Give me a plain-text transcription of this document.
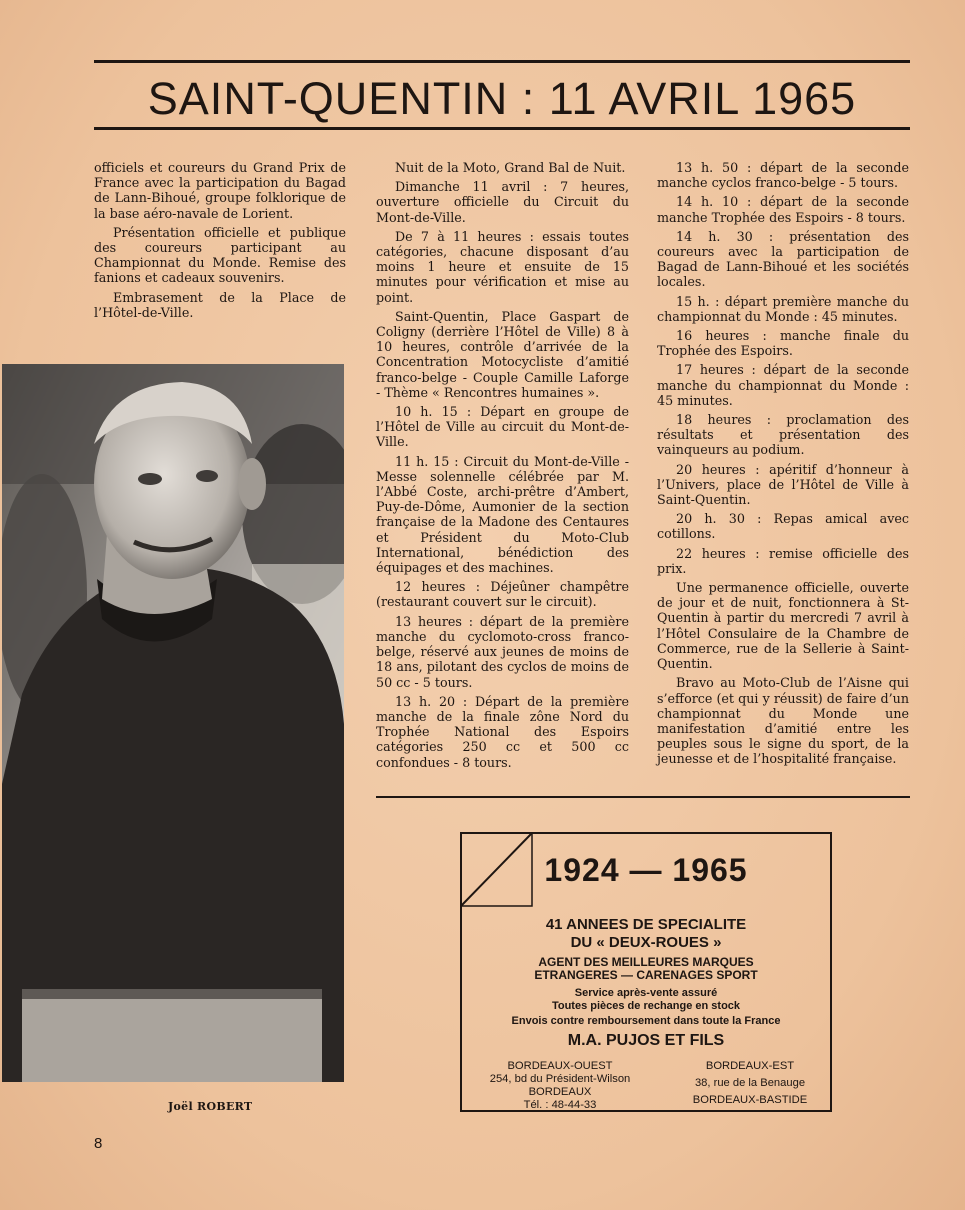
SAINT-QUENTIN : 11 AVRIL 1965

officiels et coureurs du Grand Prix de France avec la participation du Bagad de Lann-Bihoué, groupe folklorique de la base aéro-navale de Lorient.

Présentation officielle et publique des coureurs participant au Championnat du Monde. Remise des fanions et cadeaux souvenirs.

Embrasement de la Place de l’Hôtel-de-Ville.

Nuit de la Moto, Grand Bal de Nuit.

Dimanche 11 avril : 7 heures, ouverture officielle du Circuit du Mont-de-Ville.

De 7 à 11 heures : essais toutes catégories, chacune disposant d’au moins 1 heure et ensuite de 15 minutes pour vérification et mise au point.

Saint-Quentin, Place Gaspart de Coligny (derrière l’Hôtel de Ville) 8 à 10 heures, contrôle d’arrivée de la Concentration Motocycliste d’amitié franco-belge - Couple Camille Laforge - Thème « Rencontres humaines ».

10 h. 15 : Départ en groupe de l’Hôtel de Ville au circuit du Mont-de-Ville.

11 h. 15 : Circuit du Mont-de-Ville - Messe solennelle célébrée par M. l’Abbé Coste, archi-prêtre d’Ambert, Puy-de-Dôme, Aumonier de la section française de la Madone des Centaures et Président du Moto-Club International, bénédiction des équipages et des machines.

12 heures : Déjeûner champêtre (restaurant couvert sur le circuit).

13 heures : départ de la première manche du cyclomoto-cross franco-belge, réservé aux jeunes de moins de 18 ans, pilotant des cyclos de moins de 50 cc - 5 tours.

13 h. 20 : Départ de la première manche de la finale zône Nord du Trophée National des Espoirs catégories 250 cc et 500 cc confondues - 8 tours.

13 h. 50 : départ de la seconde manche cyclos franco-belge - 5 tours.

14 h. 10 : départ de la seconde manche Trophée des Espoirs - 8 tours.

14 h. 30 : présentation des coureurs avec la participation de Bagad de Lann-Bihoué et les sociétés locales.

15 h. : départ première manche du championnat du Monde : 45 minutes.

16 heures : manche finale du Trophée des Espoirs.

17 heures : départ de la seconde manche du championnat du Monde : 45 minutes.

18 heures : proclamation des résultats et présentation des vainqueurs au podium.

20 heures : apéritif d’honneur à l’Univers, place de l’Hôtel de Ville à Saint-Quentin.

20 h. 30 : Repas amical avec cotillons.

22 heures : remise officielle des prix.

Une permanence officielle, ouverte de jour et de nuit, fonctionnera à St-Quentin à partir du mercredi 7 avril à l’Hôtel Consulaire de la Chambre de Commerce, rue de la Sellerie à Saint-Quentin.

Bravo au Moto-Club de l’Aisne qui s’efforce (et qui y réussit) de faire d’un championnat du Monde une manifestation d’amitié entre les peuples sous le signe du sport, de la jeunesse et de l’hospitalité française.

Joël ROBERT
8
1924 — 1965
41 ANNEES DE SPECIALITE
DU « DEUX-ROUES »
AGENT DES MEILLEURES MARQUES
ETRANGERES — CARENAGES SPORT
Service après-vente assuré
Toutes pièces de rechange en stock
Envois contre remboursement dans toute la France
M.A. PUJOS ET FILS
BORDEAUX-OUEST
254, bd du Président-Wilson
BORDEAUX
Tél. : 48-44-33
BORDEAUX-EST
38, rue de la Benauge
BORDEAUX-BASTIDE
